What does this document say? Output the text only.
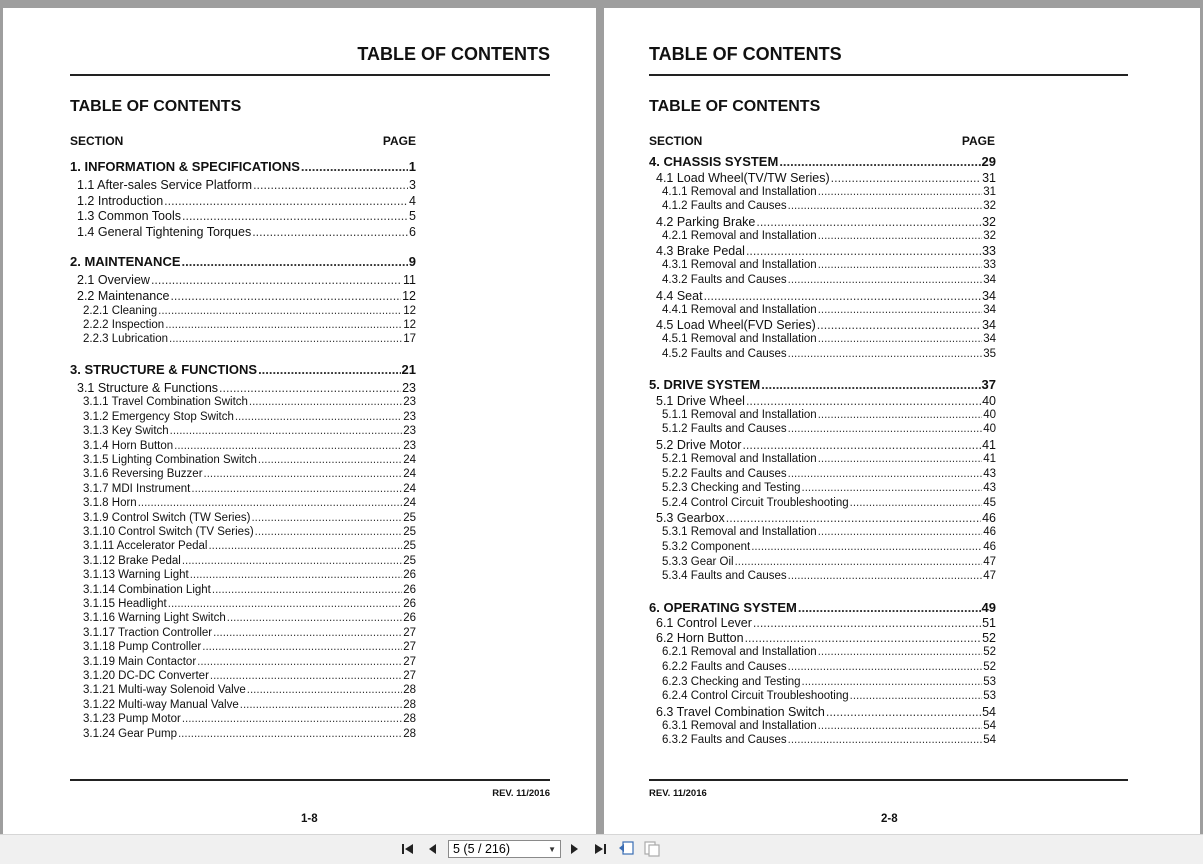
TABLE OF CONTENTS
TABLE OF CONTENTS
SECTION	PAGE
1. INFORMATION & SPECIFICATIONS .....	1
1.1 After-sales Service Platform .....	3
1.2 Introduction .....	4
1.3 Common Tools .....	5
1.4 General Tightening Torques .....	6
2. MAINTENANCE .....	9
2.1 Overview .....	11
2.2 Maintenance .....	12
2.2.1 Cleaning .....	12
2.2.2 Inspection .....	12
2.2.3 Lubrication .....	17
3. STRUCTURE & FUNCTIONS .....	21
3.1 Structure & Functions .....	23
3.1.1 Travel Combination Switch .....	23
3.1.2 Emergency Stop Switch .....	23
3.1.3 Key Switch .....	23
3.1.4 Horn Button .....	23
3.1.5 Lighting Combination Switch .....	24
3.1.6 Reversing Buzzer .....	24
3.1.7 MDI Instrument .....	24
3.1.8 Horn .....	24
3.1.9 Control Switch (TW Series) .....	25
3.1.10 Control Switch (TV Series) .....	25
3.1.11 Accelerator Pedal .....	25
3.1.12 Brake Pedal .....	25
3.1.13 Warning Light .....	26
3.1.14 Combination Light .....	26
3.1.15 Headlight .....	26
3.1.16 Warning Light Switch .....	26
3.1.17 Traction Controller .....	27
3.1.18 Pump Controller .....	27
3.1.19 Main Contactor .....	27
3.1.20 DC-DC Converter .....	27
3.1.21 Multi-way Solenoid Valve .....	28
3.1.22 Multi-way Manual Valve .....	28
3.1.23 Pump Motor .....	28
3.1.24 Gear Pump .....	28
REV. 11/2016
1-8
TABLE OF CONTENTS
TABLE OF CONTENTS
SECTION	PAGE
4. CHASSIS SYSTEM .....	29
4.1 Load Wheel(TV/TW Series) .....	31
4.1.1 Removal and Installation .....	31
4.1.2 Faults and Causes .....	32
4.2 Parking Brake .....	32
4.2.1 Removal and Installation .....	32
4.3 Brake Pedal .....	33
4.3.1 Removal and Installation .....	33
4.3.2 Faults and Causes .....	34
4.4 Seat .....	34
4.4.1 Removal and Installation .....	34
4.5 Load Wheel(FVD Series) .....	34
4.5.1 Removal and Installation .....	34
4.5.2 Faults and Causes .....	35
5. DRIVE SYSTEM .....	37
5.1 Drive Wheel .....	40
5.1.1 Removal and Installation .....	40
5.1.2 Faults and Causes .....	40
5.2 Drive Motor .....	41
5.2.1 Removal and Installation .....	41
5.2.2 Faults and Causes .....	43
5.2.3 Checking and Testing .....	43
5.2.4 Control Circuit Troubleshooting .....	45
5.3 Gearbox .....	46
5.3.1 Removal and Installation .....	46
5.3.2 Component .....	46
5.3.3 Gear Oil .....	47
5.3.4 Faults and Causes .....	47
6. OPERATING SYSTEM .....	49
6.1 Control Lever .....	51
6.2 Horn Button .....	52
6.2.1 Removal and Installation .....	52
6.2.2 Faults and Causes .....	52
6.2.3 Checking and Testing .....	53
6.2.4 Control Circuit Troubleshooting .....	53
6.3 Travel Combination Switch .....	54
6.3.1 Removal and Installation .....	54
6.3.2 Faults and Causes .....	54
REV. 11/2016
2-8
5 (5 / 216)	▼
